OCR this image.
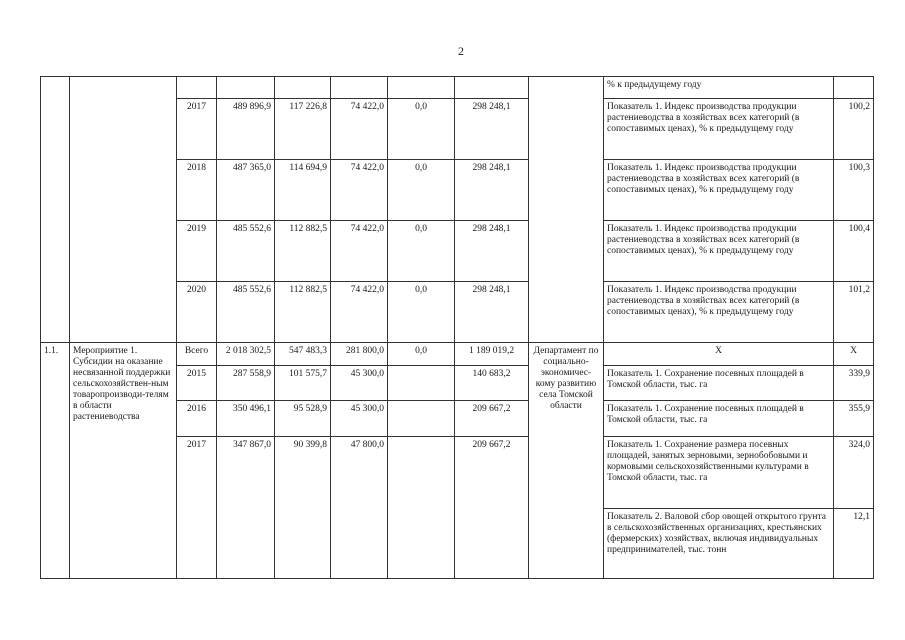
2
									% к предыдущему году	
		2017	489 896,9	117 226,8	74 422,0	0,0	298 248,1		Показатель 1. Индекс производства продукции растениеводства в хозяйствах всех категорий (в сопоставимых ценах), % к предыдущему году	100,2
		2018	487 365,0	114 694,9	74 422,0	0,0	298 248,1		Показатель 1. Индекс производства продукции растениеводства в хозяйствах всех категорий (в сопоставимых ценах), % к предыдущему году	100,3
		2019	485 552,6	112 882,5	74 422,0	0,0	298 248,1		Показатель 1. Индекс производства продукции растениеводства в хозяйствах всех категорий (в сопоставимых ценах), % к предыдущему году	100,4
		2020	485 552,6	112 882,5	74 422,0	0,0	298 248,1		Показатель 1. Индекс производства продукции растениеводства в хозяйствах всех категорий (в сопоставимых ценах), % к предыдущему году	101,2
1.1.	Мероприятие 1. Субсидии на оказание несвязанной поддержки сельскохозяйствен-ным товаропроизводи-телям в области растениеводства	Всего	2 018 302,5	547 483,3	281 800,0	0,0	1 189 019,2	Департамент по социально-экономичес-кому развитию села Томской области	Х	Х
		2015	287 558,9	101 575,7	45 300,0		140 683,2		Показатель 1. Сохранение посевных площадей в Томской области, тыс. га	339,9
		2016	350 496,1	95 528,9	45 300,0		209 667,2		Показатель 1. Сохранение посевных площадей в Томской области, тыс. га	355,9
		2017	347 867,0	90 399,8	47 800,0		209 667,2		Показатель 1. Сохранение размера посевных площадей, занятых зерновыми, зернобобовыми и кормовыми сельскохозяйственными культурами в Томской области, тыс. га	324,0
									Показатель 2. Валовой сбор овощей открытого грунта в сельскохозяйственных организациях, крестьянских (фермерских) хозяйствах, включая индивидуальных предпринимателей, тыс. тонн	12,1
